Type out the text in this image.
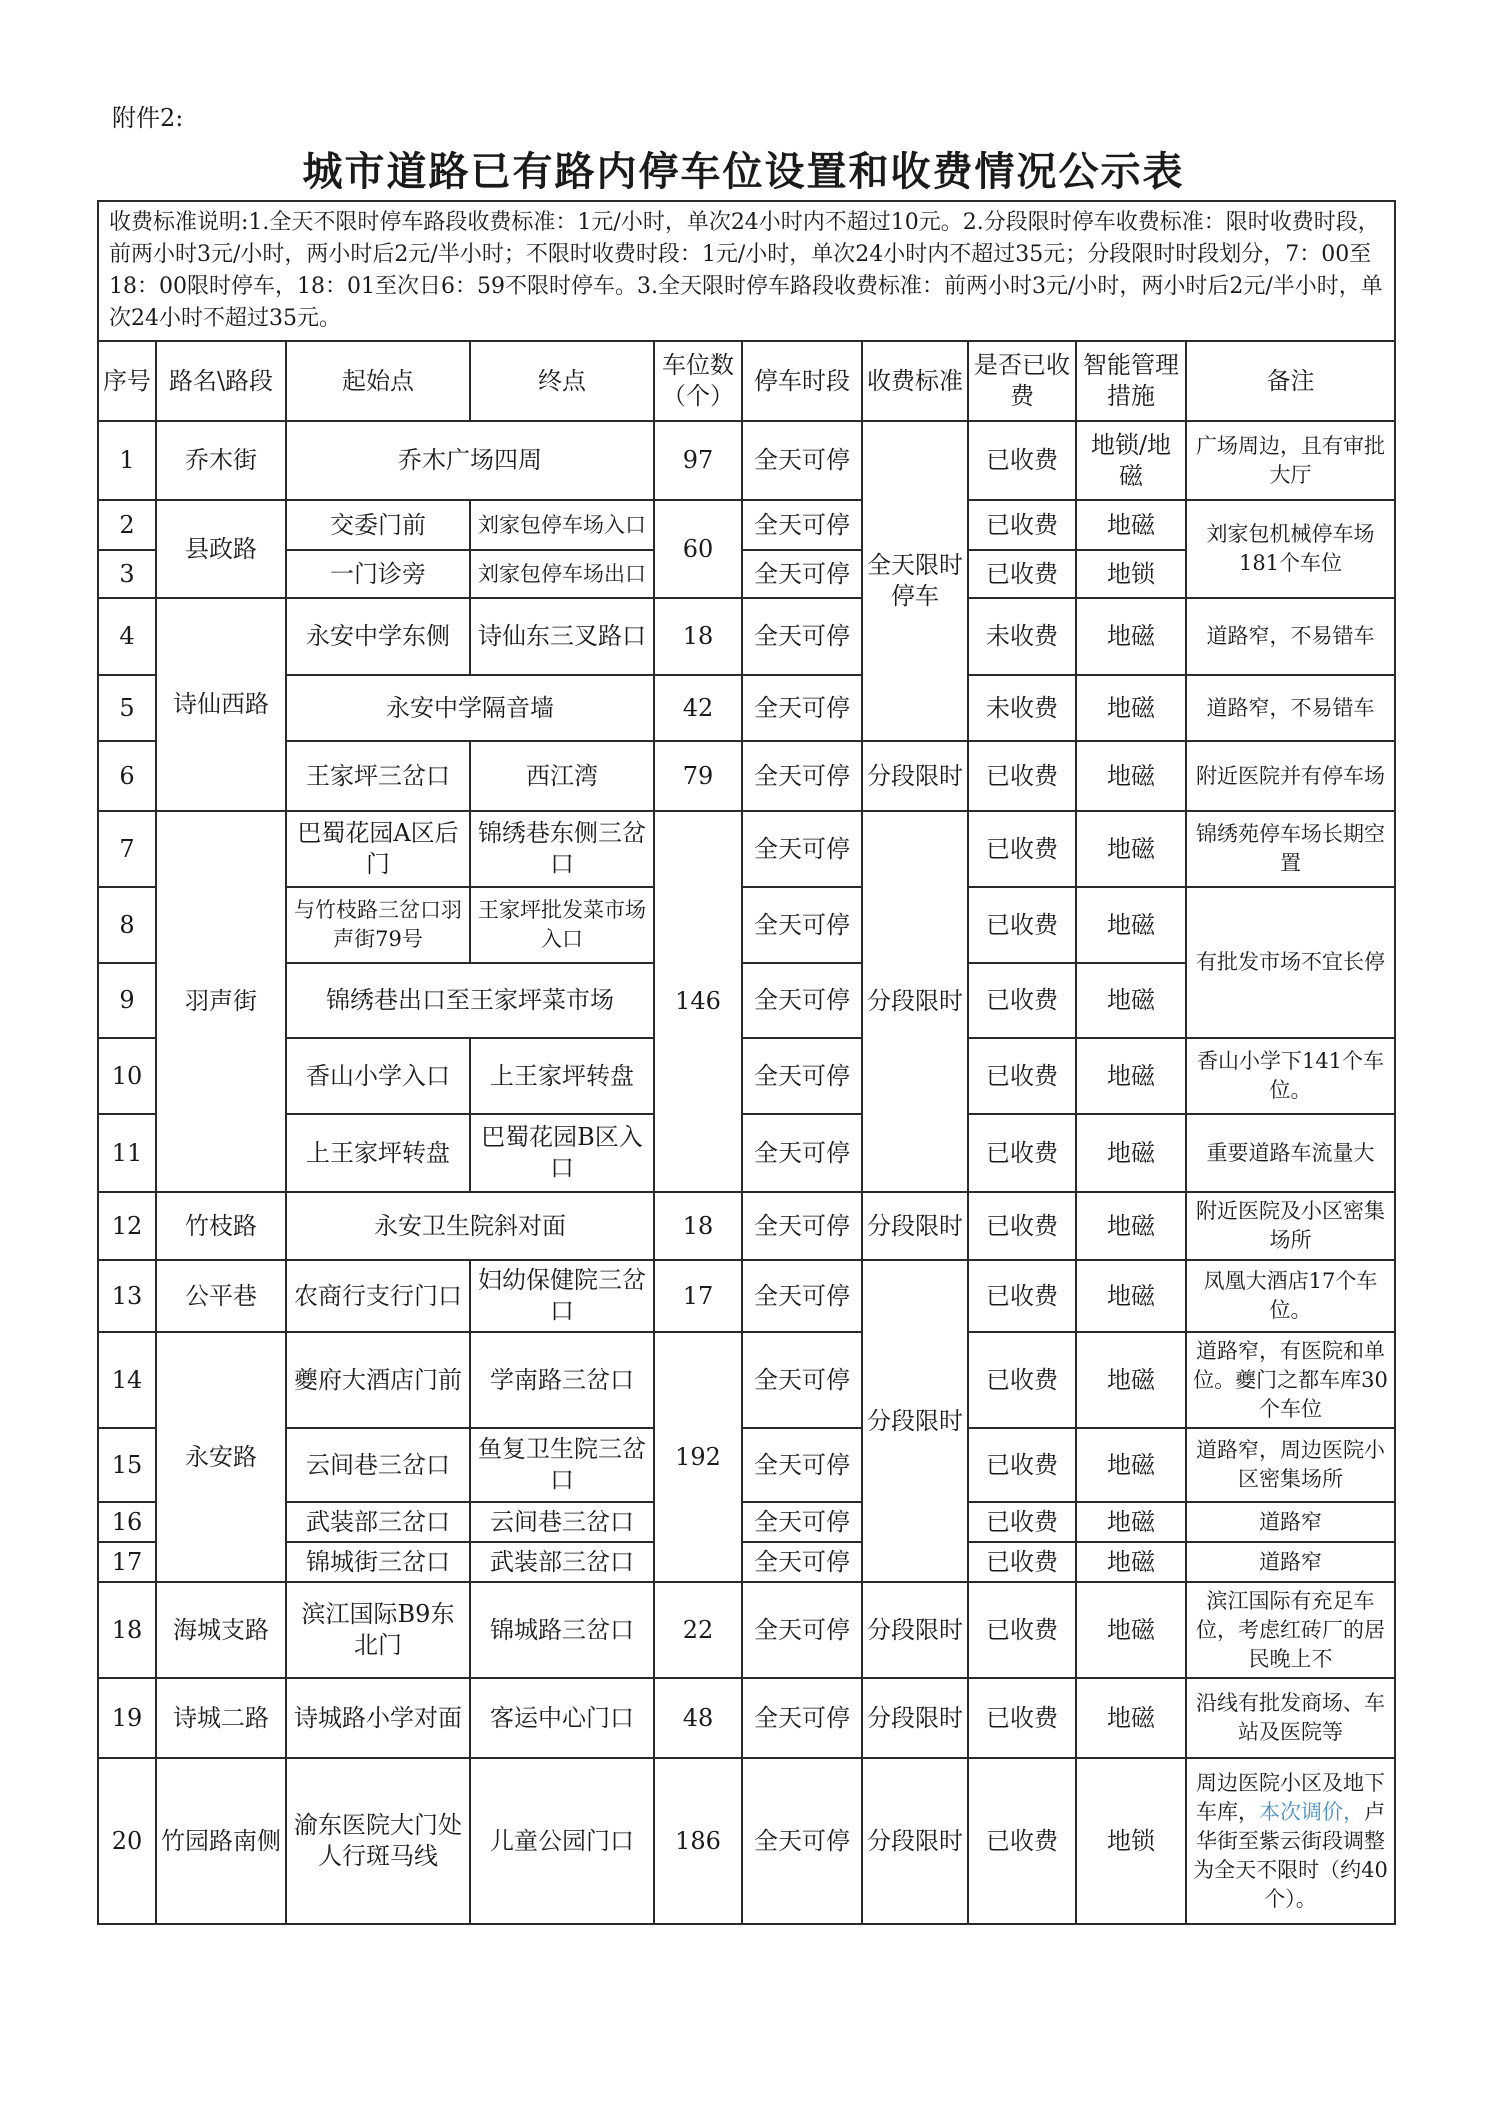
附件2:
城市道路已有路内停车位设置和收费情况公示表
收费标准说明:1.全天不限时停车路段收费标准：1元/小时，单次24小时内不超过10元。2.分段限时停车收费标准：限时收费时段，前两小时3元/小时，两小时后2元/半小时；不限时收费时段：1元/小时，单次24小时内不超过35元；分段限时时段划分，7：00至18：00限时停车，18：01至次日6：59不限时停车。3.全天限时停车路段收费标准：前两小时3元/小时，两小时后2元/半小时，单次24小时不超过35元。									
序号	路名\路段	起始点	终点	车位数（个）	停车时段	收费标准	是否已收费	智能管理措施	备注
1	乔木街	乔木广场四周		97	全天可停	全天限时停车	已收费	地锁/地磁	广场周边，且有审批大厅
2	县政路	交委门前	刘家包停车场入口	60	全天可停		已收费	地磁	刘家包机械停车场181个车位
3		一门诊旁	刘家包停车场出口		全天可停		已收费	地锁	
4	诗仙西路	永安中学东侧	诗仙东三叉路口	18	全天可停		未收费	地磁	道路窄，不易错车
5		永安中学隔音墙		42	全天可停		未收费	地磁	道路窄，不易错车
6		王家坪三岔口	西江湾	79	全天可停	分段限时	已收费	地磁	附近医院并有停车场
7	羽声街	巴蜀花园A区后门	锦绣巷东侧三岔口	146	全天可停	分段限时	已收费	地磁	锦绣苑停车场长期空置
8		与竹枝路三岔口羽声街79号	王家坪批发菜市场入口		全天可停		已收费	地磁	有批发市场不宜长停
9		锦绣巷出口至王家坪菜市场			全天可停		已收费	地磁	
10		香山小学入口	上王家坪转盘		全天可停		已收费	地磁	香山小学下141个车位。
11		上王家坪转盘	巴蜀花园B区入口		全天可停		已收费	地磁	重要道路车流量大
12	竹枝路	永安卫生院斜对面		18	全天可停	分段限时	已收费	地磁	附近医院及小区密集场所
13	公平巷	农商行支行门口	妇幼保健院三岔口	17	全天可停	分段限时	已收费	地磁	凤凰大酒店17个车位。
14	永安路	夔府大酒店门前	学南路三岔口	192	全天可停		已收费	地磁	道路窄，有医院和单位。夔门之都车库30个车位
15		云间巷三岔口	鱼复卫生院三岔口		全天可停		已收费	地磁	道路窄，周边医院小区密集场所
16		武装部三岔口	云间巷三岔口		全天可停		已收费	地磁	道路窄
17		锦城街三岔口	武装部三岔口		全天可停		已收费	地磁	道路窄
18	海城支路	滨江国际B9东北门	锦城路三岔口	22	全天可停	分段限时	已收费	地磁	滨江国际有充足车位，考虑红砖厂的居民晚上不
19	诗城二路	诗城路小学对面	客运中心门口	48	全天可停	分段限时	已收费	地磁	沿线有批发商场、车站及医院等
20	竹园路南侧	渝东医院大门处人行斑马线	儿童公园门口	186	全天可停	分段限时	已收费	地锁	周边医院小区及地下车库，本次调价，卢华街至紫云街段调整为全天不限时（约40个）。
